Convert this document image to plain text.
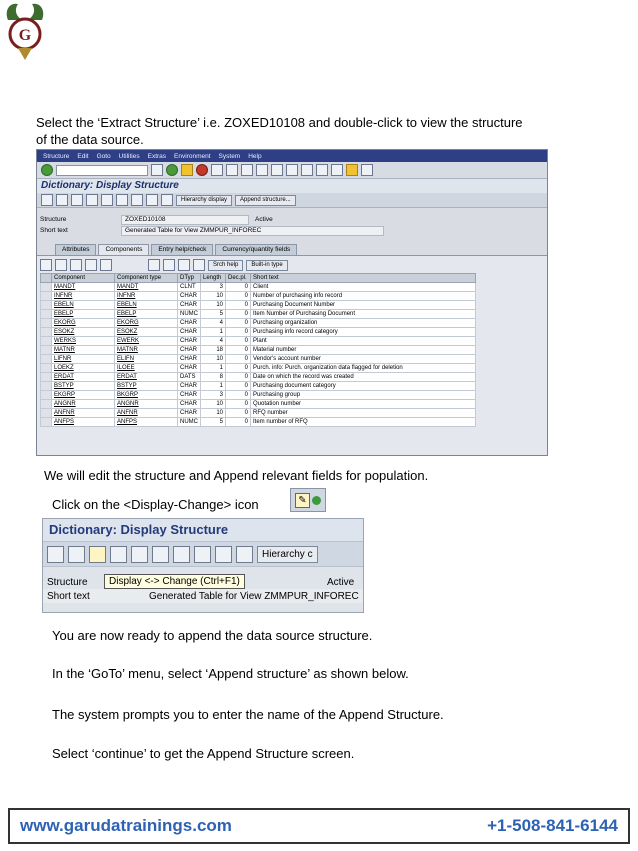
G
Select the ‘Extract Structure’ i.e. ZOXED10108 and double-click to view the structure
of the data source.
Structure Edit Goto Utilities Extras Environment System Help
Dictionary: Display Structure
Hierarchy display	Append structure...
Structure	ZOXED10108	Active
Short text	Generated Table for View ZMMPUR_INFOREC
Attributes	Components	Entry help/check	Currency/quantity fields
Srch help	Built-in type
	Component	Component type	DTyp	Length	Dec.pl.	Short text
	MANDT	MANDT	CLNT	3	0	Client
	INFNR	INFNR	CHAR	10	0	Number of purchasing info record
	EBELN	EBELN	CHAR	10	0	Purchasing Document Number
	EBELP	EBELP	NUMC	5	0	Item Number of Purchasing Document
	EKORG	EKORG	CHAR	4	0	Purchasing organization
	ESOKZ	ESOKZ	CHAR	1	0	Purchasing info record category
	WERKS	EWERK	CHAR	4	0	Plant
	MATNR	MATNR	CHAR	18	0	Material number
	LIFNR	ELIFN	CHAR	10	0	Vendor's account number
	LOEKZ	ILOEE	CHAR	1	0	Purch. info: Purch. organization data flagged for deletion
	ERDAT	ERDAT	DATS	8	0	Date on which the record was created
	BSTYP	BSTYP	CHAR	1	0	Purchasing document category
	EKGRP	BKGRP	CHAR	3	0	Purchasing group
	ANGNR	ANGNR	CHAR	10	0	Quotation number
	ANFNR	ANFNR	CHAR	10	0	RFQ number
	ANFPS	ANFPS	NUMC	5	0	Item number of RFQ
We will edit the structure and Append relevant fields for population.
Click on the <Display-Change> icon	✎
Dictionary: Display Structure
Hierarchy c
Structure	Active
Short text	Generated Table for View ZMMPUR_INFOREC
Display <-> Change (Ctrl+F1)
You are now ready to append the data source structure.
In the ‘GoTo’ menu, select ‘Append structure’ as shown below.
The system prompts you to enter the name of the Append Structure.
Select ‘continue’ to get the Append Structure screen.
www.garudatrainings.com	+1-508-841-6144
